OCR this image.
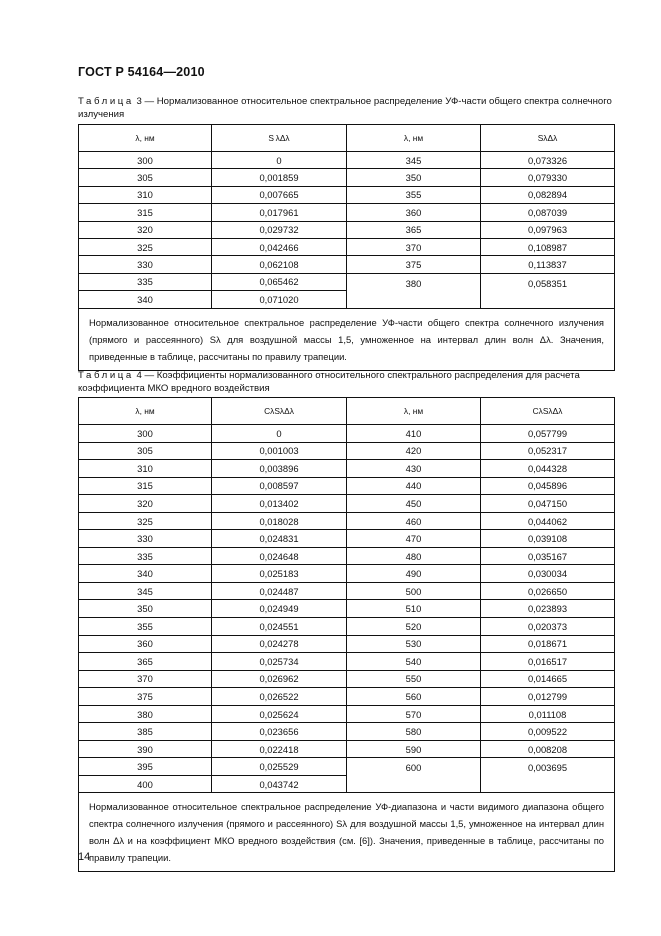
ГОСТ Р 54164—2010
Таблица 3 — Нормализованное относительное спектральное распределение УФ-части общего спектра солнечного излучения
λ, нм	S λΔλ	λ, нм	SλΔλ
300	0	345	0,073326
305	0,001859	350	0,079330
310	0,007665	355	0,082894
315	0,017961	360	0,087039
320	0,029732	365	0,097963
325	0,042466	370	0,108987
330	0,062108	375	0,113837
335	0,065462	380	0,058351
340	0,071020		
Нормализованное относительное спектральное распределение УФ-части общего спектра солнечного излучения (прямого и рассеянного) Sλ для воздушной массы 1,5, умноженное на интервал длин волн Δλ. Значения, приведенные в таблице, рассчитаны по правилу трапеции.			
Таблица 4 — Коэффициенты нормализованного относительного спектрального распределения для расчета коэффициента МКО вредного воздействия
λ, нм	CλSλΔλ	λ, нм	CλSλΔλ
300	0	410	0,057799
305	0,001003	420	0,052317
310	0,003896	430	0,044328
315	0,008597	440	0,045896
320	0,013402	450	0,047150
325	0,018028	460	0,044062
330	0,024831	470	0,039108
335	0,024648	480	0,035167
340	0,025183	490	0,030034
345	0,024487	500	0,026650
350	0,024949	510	0,023893
355	0,024551	520	0,020373
360	0,024278	530	0,018671
365	0,025734	540	0,016517
370	0,026962	550	0,014665
375	0,026522	560	0,012799
380	0,025624	570	0,011108
385	0,023656	580	0,009522
390	0,022418	590	0,008208
395	0,025529	600	0,003695
400	0,043742		
Нормализованное относительное спектральное распределение УФ-диапазона и части видимого диапазона общего спектра солнечного излучения (прямого и рассеянного) Sλ для воздушной массы 1,5, умноженное на интервал длин волн Δλ и на коэффициент МКО вредного воздействия (см. [6]). Значения, приведенные в таблице, рассчитаны по правилу трапеции.			
14
